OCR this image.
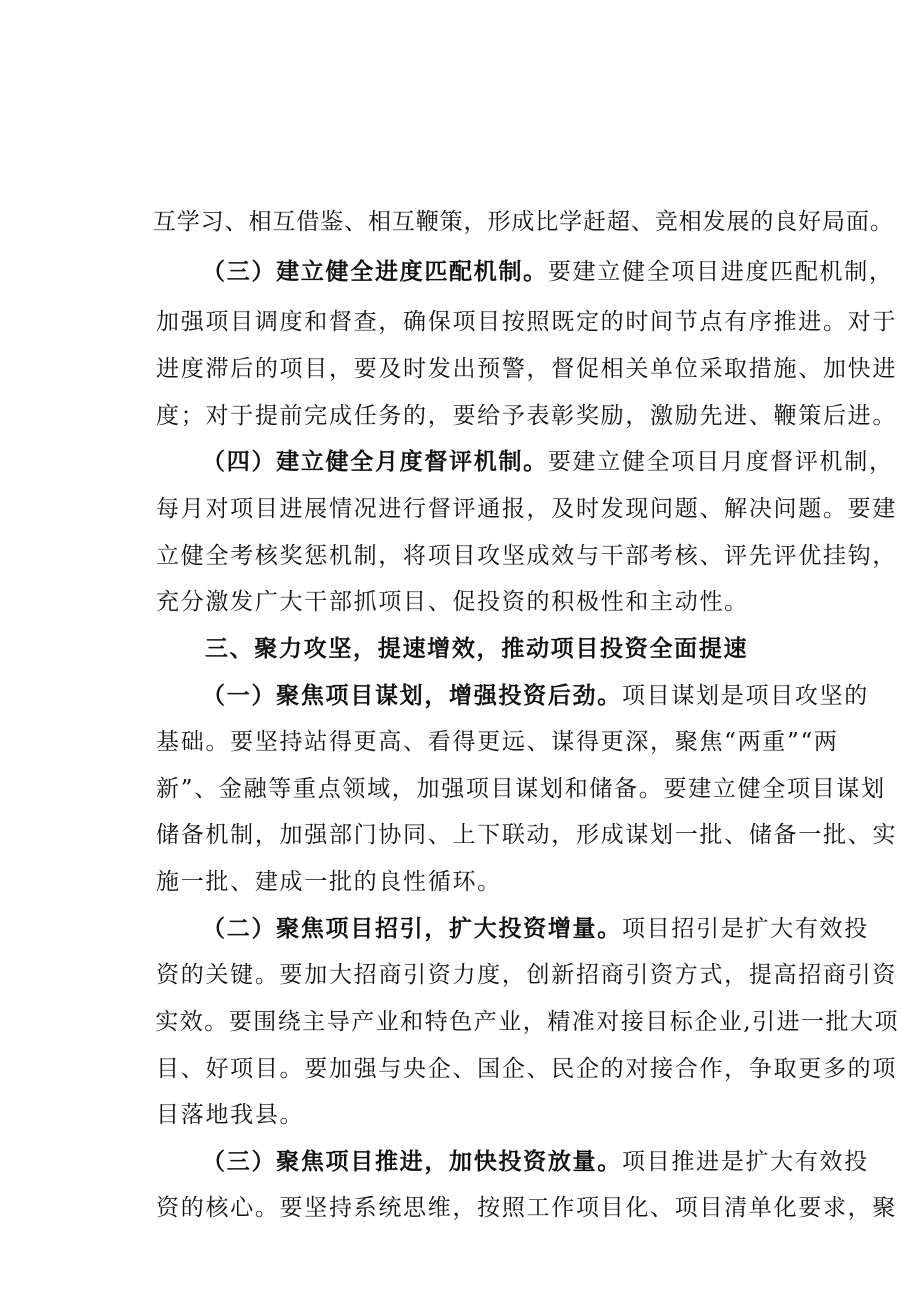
互学习、相互借鉴、相互鞭策，形成比学赶超、竞相发展的良好局面。

（三）建立健全进度匹配机制。要建立健全项目进度匹配机制，

加强项目调度和督查，确保项目按照既定的时间节点有序推进。对于

进度滞后的项目，要及时发出预警，督促相关单位采取措施、加快进

度；对于提前完成任务的，要给予表彰奖励，激励先进、鞭策后进。

（四）建立健全月度督评机制。要建立健全项目月度督评机制，

每月对项目进展情况进行督评通报，及时发现问题、解决问题。要建

立健全考核奖惩机制，将项目攻坚成效与干部考核、评先评优挂钩，

充分激发广大干部抓项目、促投资的积极性和主动性。

三、聚力攻坚，提速增效，推动项目投资全面提速

（一）聚焦项目谋划，增强投资后劲。项目谋划是项目攻坚的

基础。要坚持站得更高、看得更远、谋得更深，聚焦“两重”“两

新”、金融等重点领域，加强项目谋划和储备。要建立健全项目谋划

储备机制，加强部门协同、上下联动，形成谋划一批、储备一批、实

施一批、建成一批的良性循环。

（二）聚焦项目招引，扩大投资增量。项目招引是扩大有效投

资的关键。要加大招商引资力度，创新招商引资方式，提高招商引资

实效。要围绕主导产业和特色产业，精准对接目标企业,引进一批大项

目、好项目。要加强与央企、国企、民企的对接合作，争取更多的项

目落地我县。

（三）聚焦项目推进，加快投资放量。项目推进是扩大有效投

资的核心。要坚持系统思维，按照工作项目化、项目清单化要求，聚
